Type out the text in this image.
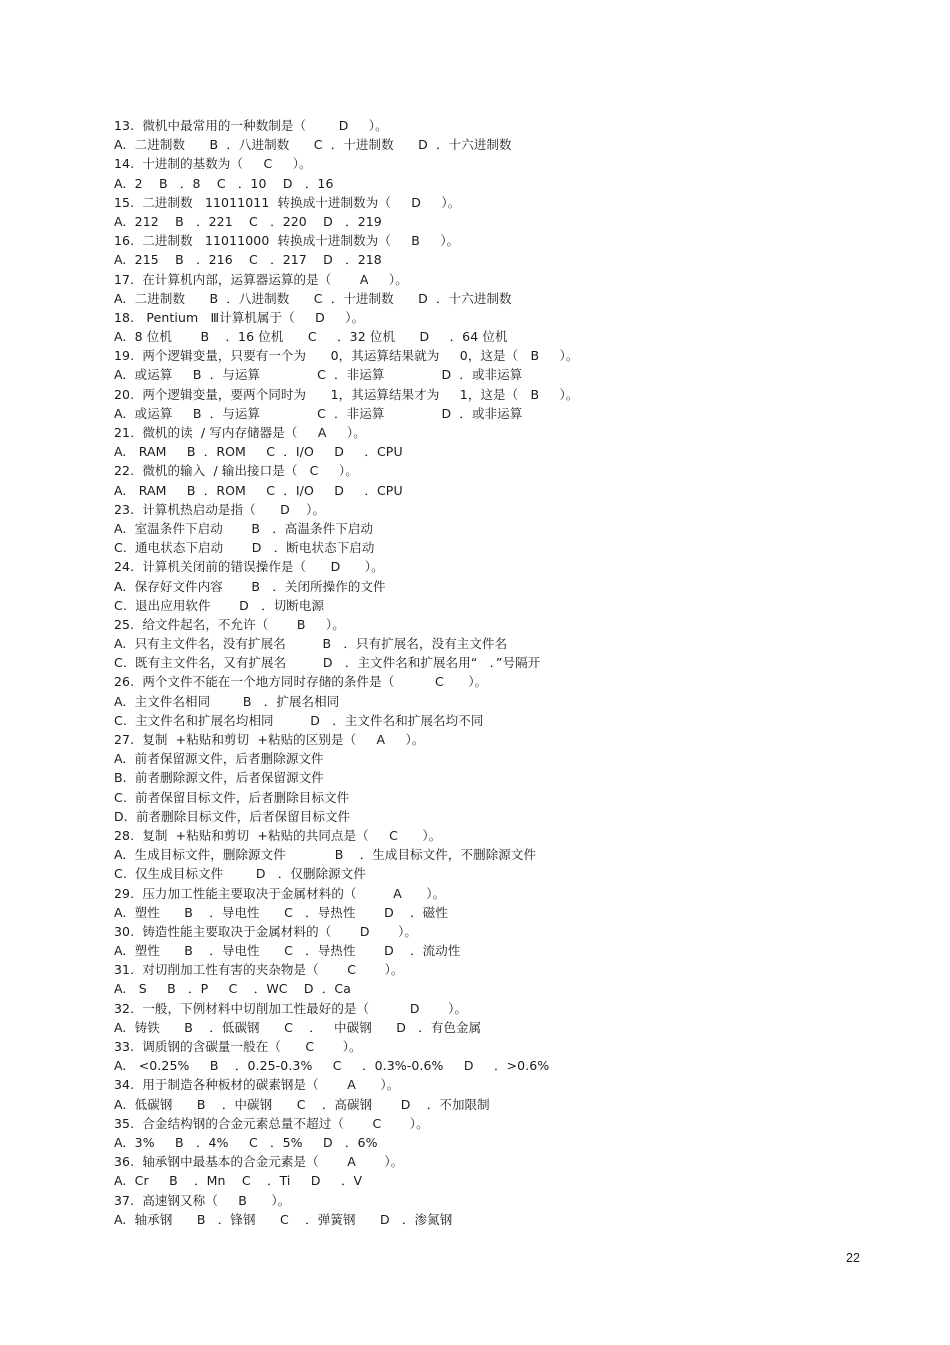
13.  微机中最常用的一种数制是（        D     ）。
A.  二进制数      B  ．八进制数      C  ．十进制数      D  ．十六进制数
14.  十进制的基数为（     C     ）。
A.  2    B   ．8    C   ．10    D   ．16
15.  二进制数   11011011  转换成十进制数为（     D     ）。
A.  212    B   ．221    C   ．220    D   ．219
16.  二进制数   11011000  转换成十进制数为（     B     ）。
A.  215    B   ．216    C   ．217    D   ．218
17.  在计算机内部，运算器运算的是（       A     ）。
A.  二进制数      B  ．八进制数      C  ．十进制数      D  ．十六进制数
18.   Pentium   Ⅲ计算机属于（     D     ）。
A.  8 位机       B    ．16 位机      C     ．32 位机      D     ．64 位机
19.  两个逻辑变量，只要有一个为      0，其运算结果就为     0，这是（   B     ）。
A.  或运算     B  ．与运算              C  ．非运算              D  ．或非运算
20.  两个逻辑变量，要两个同时为      1，其运算结果才为     1，这是（   B     ）。
A.  或运算     B  ．与运算              C  ．非运算              D  ．或非运算
21.  微机的读  / 写内存储器是（     A     ）。
A.   RAM     B  ．ROM     C  ．I/O     D     ．CPU
22.  微机的输入  / 输出接口是（   C     ）。
A.   RAM     B  ．ROM     C  ．I/O     D     ．CPU
23.  计算机热启动是指（      D    ）。
A.  室温条件下启动       B   ．高温条件下启动
C.  通电状态下启动       D   ．断电状态下启动
24.  计算机关闭前的错误操作是（      D      ）。
A.  保存好文件内容       B   ．关闭所操作的文件
C.  退出应用软件       D   ．切断电源
25.  给文件起名，不允许（       B     ）。
A.  只有主文件名，没有扩展名         B   ．只有扩展名，没有主文件名
C.  既有主文件名，又有扩展名         D   ．主文件名和扩展名用“   ．”号隔开
26.  两个文件不能在一个地方同时存储的条件是（          C      ）。
A.  主文件名相同        B   ．扩展名相同
C.  主文件名和扩展名均相同         D   ．主文件名和扩展名均不同
27.  复制  +粘贴和剪切  +粘贴的区别是（     A     ）。
A.  前者保留源文件，后者删除源文件
B.  前者删除源文件，后者保留源文件
C.  前者保留目标文件，后者删除目标文件
D.  前者删除目标文件，后者保留目标文件
28.  复制  +粘贴和剪切  +粘贴的共同点是（     C      ）。
A.  生成目标文件，删除源文件            B    ．生成目标文件，不删除源文件
C.  仅生成目标文件        D   ．仅删除源文件
29.  压力加工性能主要取决于金属材料的（         A      ）。
A.  塑性      B    ．导电性      C   ．导热性       D    ．磁性
30.  铸造性能主要取决于金属材料的（       D       ）。
A.  塑性      B    ．导电性      C   ．导热性       D    ．流动性
31.  对切削加工性有害的夹杂物是（       C       ）。
A.   S     B   ．P     C    ．WC    D  ．Ca
32.  一般，下例材料中切削加工性最好的是（          D       ）。
A.  铸铁      B    ．低碳钢      C    ．   中碳钢      D   ．有色金属
33.  调质钢的含碳量一般在（      C       ）。
A.   <0.25%     B    ．0.25-0.3%     C     ．0.3%-0.6%     D     ．>0.6%
34.  用于制造各种板材的碳素钢是（       A      ）。
A.  低碳钢      B    ．中碳钢      C    ．高碳钢       D    ．不加限制
35.  合金结构钢的合金元素总量不超过（       C       ）。
A.  3%     B   ．4%     C   ．5%     D   ．6%
36.  轴承钢中最基本的合金元素是（       A       ）。
A.  Cr     B    ．Mn    C    ．Ti     D     ．V
37.  高速钢又称（     B      ）。
A.  轴承钢      B   ．锋钢      C    ．弹簧钢      D   ．渗氮钢
22
